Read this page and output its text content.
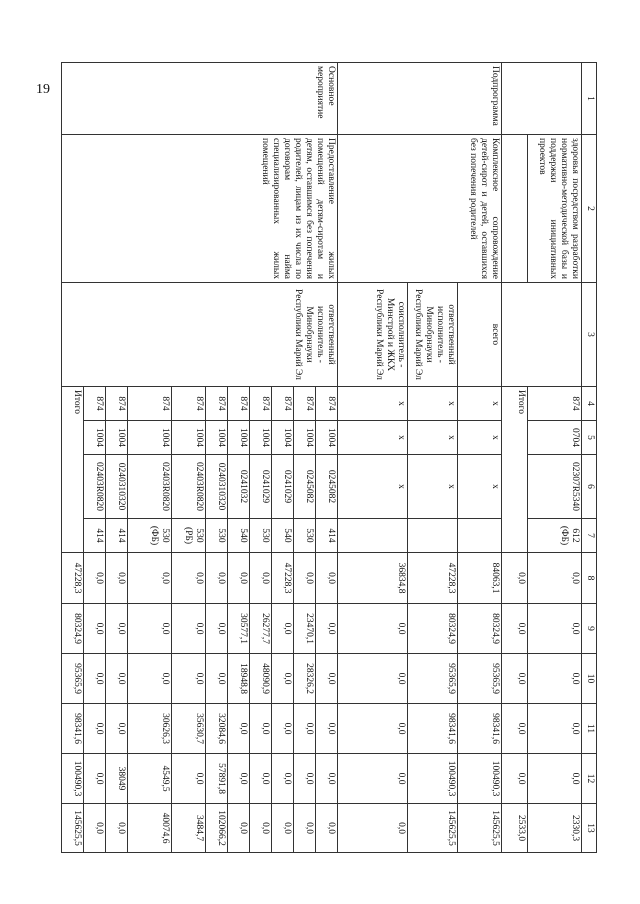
19
1	2	3	4	5	6	7	8	9	10	11	12	13
	здоровья посредством разработки нормативно-методической базы и поддержки инициативных проектов		874	0704	02307R5340	612 (ФБ)	0,0	0,0	0,0	0,0	0,0	2330,3
			Итого				0,0	0,0	0,0	0,0	0,0	2533,0
Подпрограмма	Комплексное сопровождение детей-сирот и детей, оставшихся без попечения родителей	всего	х	х	х		84063,1	80324,9	95365,9	98341,6	100490,3	145625,5
		ответственный исполнитель - Минобрнауки Республики Марий Эл	х	х	х		47228,3	80324,9	95365,9	98341,6	100490,3	145625,5
		соисполнитель - Минстрой и ЖКХ Республики Марий Эл	х	х	х		36834,8	0,0	0,0	0,0	0,0	0,0
Основное мероприятие	Предоставление жилых помещений детям-сиротам и детям, оставшимся без попечения родителей, лицам из их числа по договорам найма специализированных жилых помещений	ответственный исполнитель - Минобрнауки Республики Марий Эл	874	1004	0245082	414	0,0	0,0	0,0	0,0	0,0	0,0
			874	1004	0245082	530	0,0	23470,1	28326,2	0,0	0,0	0,0
			874	1004	0241029	540	47228,3	0,0	0,0	0,0	0,0	0,0
			874	1004	0241029	530	0,0	26277,7	48090,9	0,0	0,0	0,0
			874	1004	0241032	540	0,0	30577,1	18948,8	0,0	0,0	0,0
			874	1004	0240310320	530	0,0	0,0	0,0	32084,6	57891,8	102066,2
			874	1004	02403R0820	530 (РБ)	0,0	0,0	0,0	35630,7	0,0	3484,7
			874	1004	02403R0820	530 (ФБ)	0,0	0,0	0,0	30626,3	4549,5	40074,6
			874	1004	0240310320	414	0,0	0,0	0,0	0,0	38049	0,0
			874	1004	02403R0820	414	0,0	0,0	0,0	0,0	0,0	0,0
			Итого				47228,3	80324,9	95365,9	98341,6	100490,3	145625,5
